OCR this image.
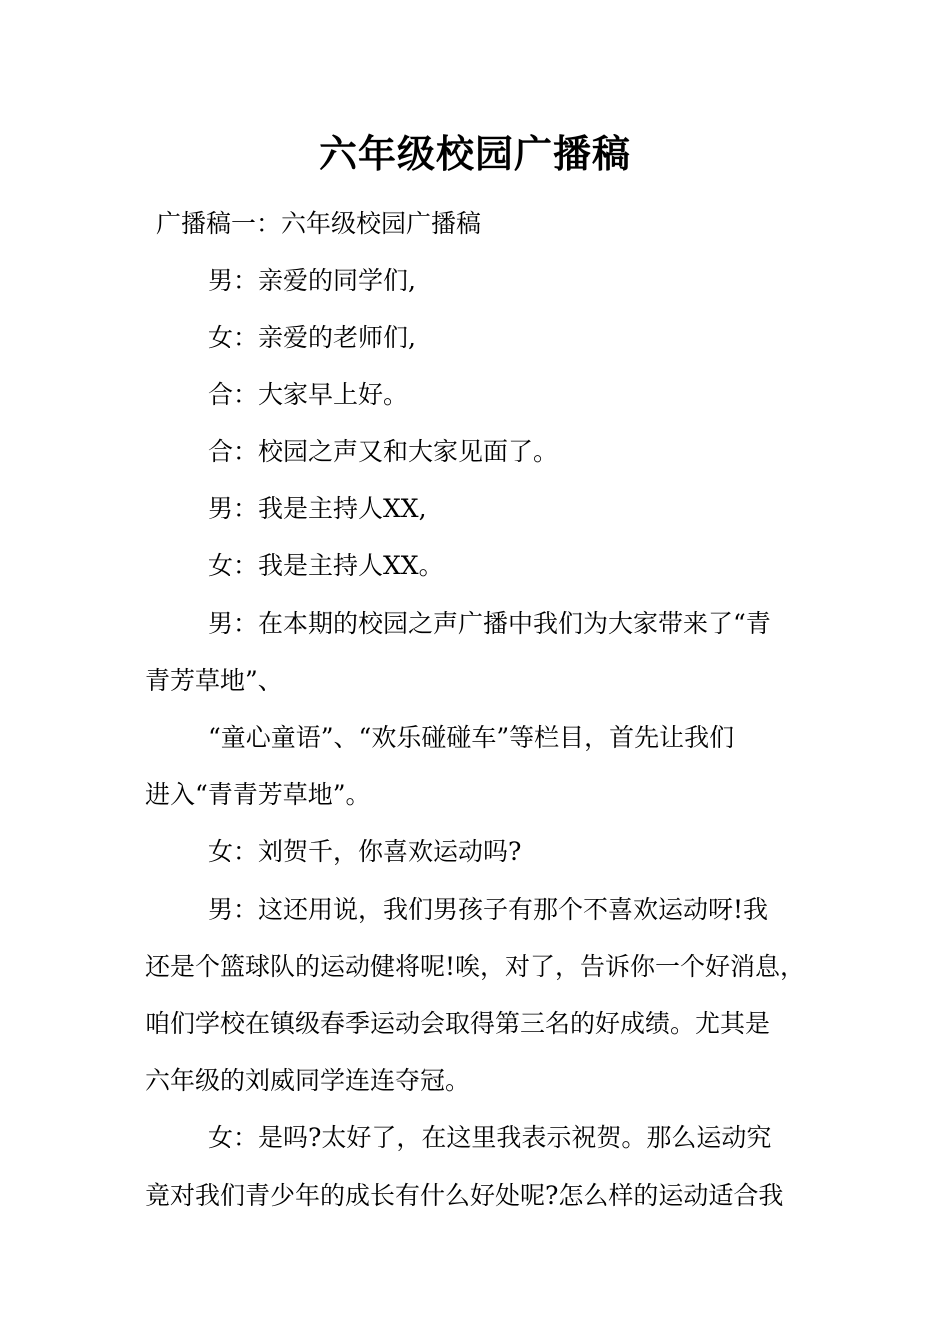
六年级校园广播稿
广播稿一：六年级校园广播稿
男：亲爱的同学们,
女：亲爱的老师们,
合：大家早上好。
合：校园之声又和大家见面了。
男：我是主持人XX,
女：我是主持人XX。
男：在本期的校园之声广播中我们为大家带来了“青
青芳草地”、
“童心童语”、“欢乐碰碰车”等栏目，首先让我们
进入“青青芳草地”。
女：刘贺千，你喜欢运动吗?
男：这还用说，我们男孩子有那个不喜欢运动呀!我
还是个篮球队的运动健将呢!唉，对了，告诉你一个好消息，
咱们学校在镇级春季运动会取得第三名的好成绩。尤其是
六年级的刘威同学连连夺冠。
女：是吗?太好了，在这里我表示祝贺。那么运动究
竟对我们青少年的成长有什么好处呢?怎么样的运动适合我
